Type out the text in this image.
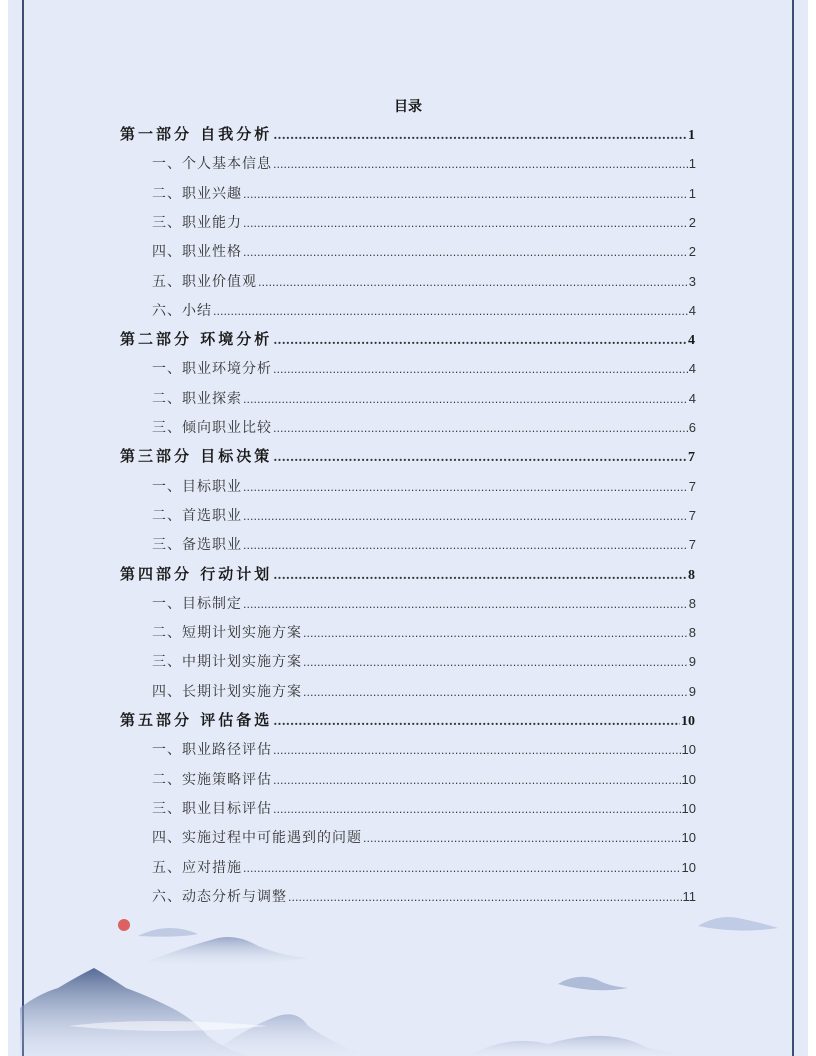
目录
第一部分 自我分析 .....	1
一、个人基本信息 .....	1
二、职业兴趣 .....	1
三、职业能力 .....	2
四、职业性格 .....	2
五、职业价值观 .....	3
六、小结 .....	4
第二部分 环境分析 .....	4
一、职业环境分析 .....	4
二、职业探索 .....	4
三、倾向职业比较 .....	6
第三部分 目标决策 .....	7
一、目标职业 .....	7
二、首选职业 .....	7
三、备选职业 .....	7
第四部分 行动计划 .....	8
一、目标制定 .....	8
二、短期计划实施方案 .....	8
三、中期计划实施方案 .....	9
四、长期计划实施方案 .....	9
第五部分 评估备选 .....	10
一、职业路径评估 .....	10
二、实施策略评估 .....	10
三、职业目标评估 .....	10
四、实施过程中可能遇到的问题 .....	10
五、应对措施 .....	10
六、动态分析与调整 .....	11
